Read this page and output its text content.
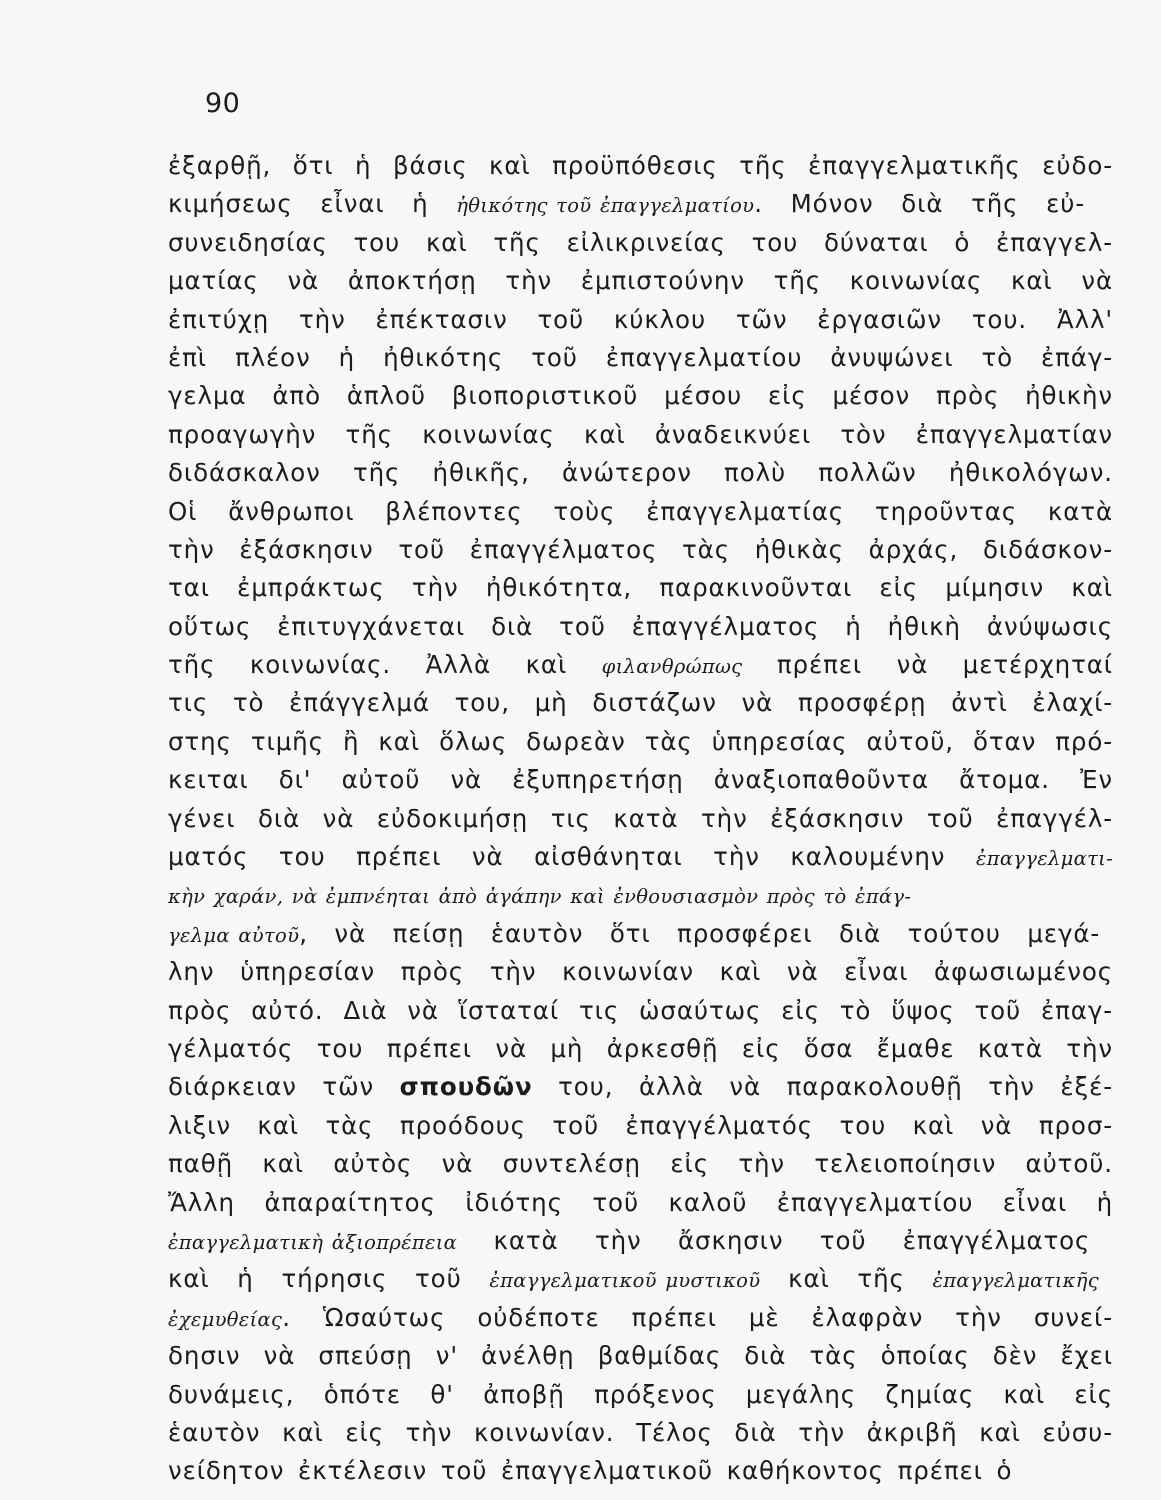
90
ἐξαρθῇ, ὅτι ἡ βάσις καὶ προϋπόθεσις τῆς ἐπαγγελματικῆς εὐδο-
κιμήσεως εἶναι ἡ ἠθικότης τοῦ ἐπαγγελματίου. Μόνον διὰ τῆς εὐ-
συνειδησίας του καὶ τῆς εἰλικρινείας του δύναται ὁ ἐπαγγελ-
ματίας νὰ ἀποκτήσῃ τὴν ἐμπιστούνην τῆς κοινωνίας καὶ νὰ
ἐπιτύχῃ τὴν ἐπέκτασιν τοῦ κύκλου τῶν ἐργασιῶν του. Ἀλλ'
ἐπὶ πλέον ἡ ἠθικότης τοῦ ἐπαγγελματίου ἀνυψώνει τὸ ἐπάγ-
γελμα ἀπὸ ἁπλοῦ βιοποριστικοῦ μέσου εἰς μέσον πρὸς ἠθικὴν
προαγωγὴν τῆς κοινωνίας καὶ ἀναδεικνύει τὸν ἐπαγγελματίαν
διδάσκαλον τῆς ἠθικῆς, ἀνώτερον πολὺ πολλῶν ἠθικολόγων.
Οἱ ἄνθρωποι βλέποντες τοὺς ἐπαγγελματίας τηροῦντας κατὰ
τὴν ἐξάσκησιν τοῦ ἐπαγγέλματος τὰς ἠθικὰς ἀρχάς, διδάσκον-
ται ἐμπράκτως τὴν ἠθικότητα, παρακινοῦνται εἰς μίμησιν καὶ
οὕτως ἐπιτυγχάνεται διὰ τοῦ ἐπαγγέλματος ἡ ἠθικὴ ἀνύψωσις
τῆς κοινωνίας. Ἀλλὰ καὶ φιλανθρώπως πρέπει νὰ μετέρχηταί
τις τὸ ἐπάγγελμά του, μὴ διστάζων νὰ προσφέρῃ ἀντὶ ἐλαχί-
στης τιμῆς ἢ καὶ ὅλως δωρεὰν τὰς ὑπηρεσίας αὐτοῦ, ὅταν πρό-
κειται δι' αὐτοῦ νὰ ἐξυπηρετήσῃ ἀναξιοπαθοῦντα ἄτομα. Ἐν
γένει διὰ νὰ εὐδοκιμήσῃ τις κατὰ τὴν ἐξάσκησιν τοῦ ἐπαγγέλ-
ματός του πρέπει νὰ αἰσθάνηται τὴν καλουμένην ἐπαγγελματι-
κὴν χαράν, νὰ ἐμπνέηται ἀπὸ ἀγάπην καὶ ἐνθουσιασμὸν πρὸς τὸ ἐπάγ-
γελμα αὐτοῦ, νὰ πείσῃ ἑαυτὸν ὅτι προσφέρει διὰ τούτου μεγά-
λην ὑπηρεσίαν πρὸς τὴν κοινωνίαν καὶ νὰ εἶναι ἀφωσιωμένος
πρὸς αὐτό. Διὰ νὰ ἵσταταί τις ὡσαύτως εἰς τὸ ὕψος τοῦ ἐπαγ-
γέλματός του πρέπει νὰ μὴ ἀρκεσθῇ εἰς ὅσα ἔμαθε κατὰ τὴν
διάρκειαν τῶν σπουδῶν του, ἀλλὰ νὰ παρακολουθῇ τὴν ἐξέ-
λιξιν καὶ τὰς προόδους τοῦ ἐπαγγέλματός του καὶ νὰ προσ-
παθῇ καὶ αὐτὸς νὰ συντελέσῃ εἰς τὴν τελειοποίησιν αὐτοῦ.
Ἄλλη ἀπαραίτητος ἰδιότης τοῦ καλοῦ ἐπαγγελματίου εἶναι ἡ
ἐπαγγελματικὴ ἀξιοπρέπεια κατὰ τὴν ἄσκησιν τοῦ ἐπαγγέλματος
καὶ ἡ τήρησις τοῦ ἐπαγγελματικοῦ μυστικοῦ καὶ τῆς ἐπαγγελματικῆς
ἐχεμυθείας. Ὡσαύτως οὐδέποτε πρέπει μὲ ἐλαφρὰν τὴν συνεί-
δησιν νὰ σπεύσῃ ν' ἀνέλθῃ βαθμίδας διὰ τὰς ὁποίας δὲν ἔχει
δυνάμεις, ὁπότε θ' ἀποβῇ πρόξενος μεγάλης ζημίας καὶ εἰς
ἑαυτὸν καὶ εἰς τὴν κοινωνίαν. Τέλος διὰ τὴν ἀκριβῆ καὶ εὐσυ-
νείδητον ἐκτέλεσιν τοῦ ἐπαγγελματικοῦ καθήκοντος πρέπει ὁ
